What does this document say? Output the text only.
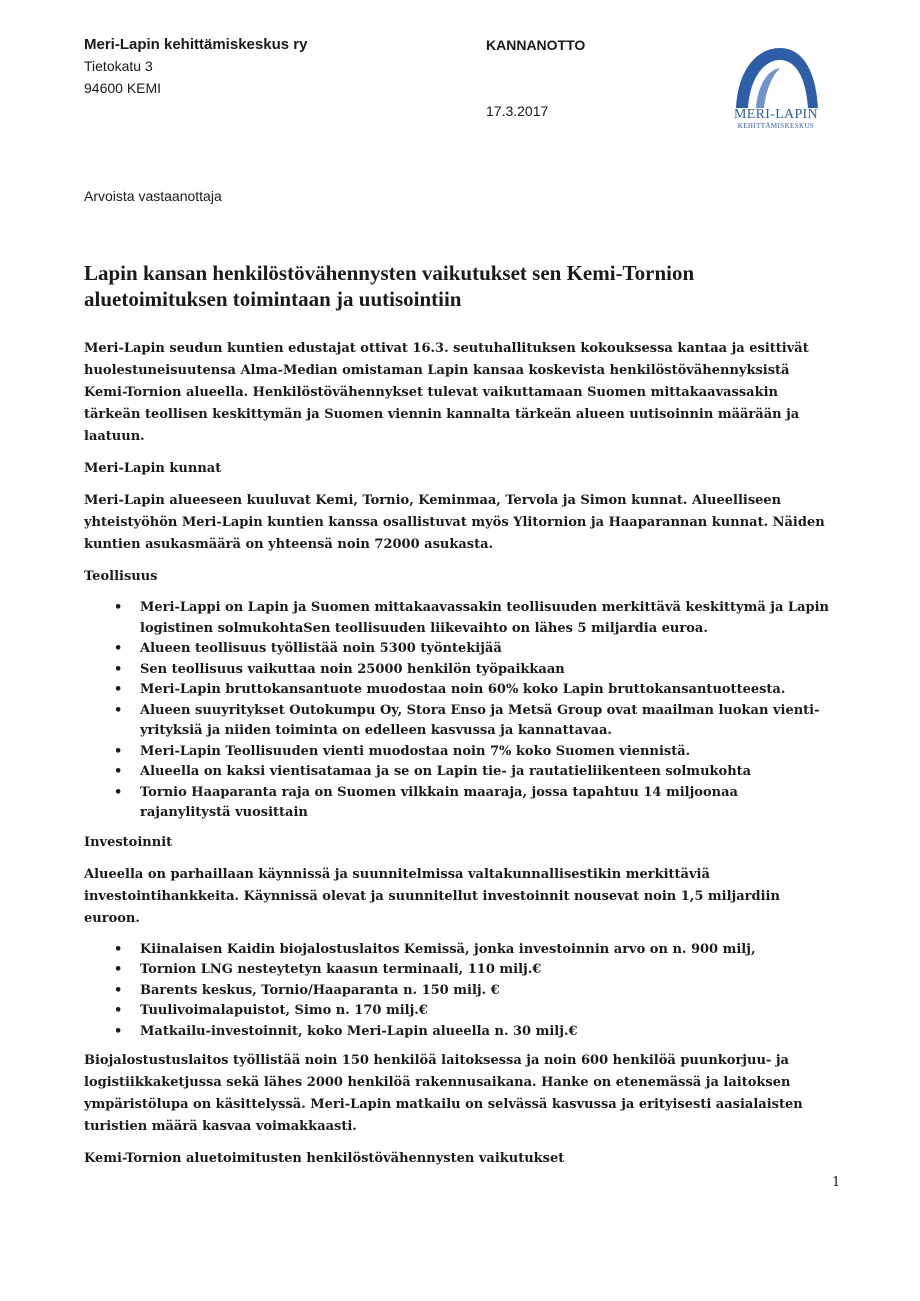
Meri-Lapin kehittämiskeskus ry
Tietokatu 3
94600 KEMI
KANNANOTTO
17.3.2017	MERI-LAPIN
KEHITTÄMISKESKUS
Arvoista vastaanottaja
Lapin kansan henkilöstövähennysten vaikutukset sen Kemi-Tornion aluetoimituksen toimintaan ja uutisointiin

Meri-Lapin seudun kuntien edustajat ottivat 16.3. seutuhallituksen kokouksessa kantaa ja esittivät huolestuneisuutensa Alma-Median omistaman Lapin kansaa koskevista henkilöstövähennyksistä Kemi-Tornion alueella. Henkilöstövähennykset tulevat vaikuttamaan Suomen mittakaavassakin tärkeän teollisen keskittymän ja Suomen viennin kannalta tärkeän alueen uutisoinnin määrään ja laatuun.

Meri-Lapin kunnat

Meri-Lapin alueeseen kuuluvat Kemi, Tornio, Keminmaa, Tervola ja Simon kunnat. Alueelliseen yhteistyöhön Meri-Lapin kuntien kanssa osallistuvat myös Ylitornion ja Haaparannan kunnat. Näiden kuntien asukasmäärä on yhteensä noin 72000 asukasta.

Teollisuus

• Meri-Lappi on Lapin ja Suomen mittakaavassakin teollisuuden merkittävä keskittymä ja Lapin logistinen solmukohtaSen teollisuuden liikevaihto on lähes 5 miljardia euroa.
• Alueen teollisuus työllistää noin 5300 työntekijää
• Sen teollisuus vaikuttaa noin 25000 henkilön työpaikkaan
• Meri-Lapin bruttokansantuote muodostaa noin 60% koko Lapin bruttokansantuotteesta.
• Alueen suuyritykset Outokumpu Oy, Stora Enso ja Metsä Group ovat maailman luokan vienti-yrityksiä ja niiden toiminta on edelleen kasvussa ja kannattavaa.
• Meri-Lapin Teollisuuden vienti muodostaa noin 7% koko Suomen viennistä.
• Alueella on kaksi vientisatamaa ja se on Lapin tie- ja rautatieliikenteen solmukohta
• Tornio Haaparanta raja on Suomen vilkkain maaraja, jossa tapahtuu 14 miljoonaa rajanylitystä vuosittain

Investoinnit

Alueella on parhaillaan käynnissä ja suunnitelmissa valtakunnallisestikin merkittäviä investointihankkeita. Käynnissä olevat ja suunnitellut investoinnit nousevat noin 1,5 miljardiin euroon.

• Kiinalaisen Kaidin biojalostuslaitos Kemissä, jonka investoinnin arvo on n. 900 milj,
• Tornion LNG nesteytetyn kaasun terminaali, 110 milj.€
• Barents keskus, Tornio/Haaparanta n. 150 milj. €
• Tuulivoimalapuistot, Simo n. 170 milj.€
• Matkailu-investoinnit, koko Meri-Lapin alueella n. 30 milj.€

Biojalostustuslaitos työllistää noin 150 henkilöä laitoksessa ja noin 600 henkilöä puunkorjuu- ja logistiikkaketjussa sekä lähes 2000 henkilöä rakennusaikana. Hanke on etenemässä ja laitoksen ympäristölupa on käsittelyssä. Meri-Lapin matkailu on selvässä kasvussa ja erityisesti aasialaisten turistien määrä kasvaa voimakkaasti.

Kemi-Tornion aluetoimitusten henkilöstövähennysten vaikutukset

1
